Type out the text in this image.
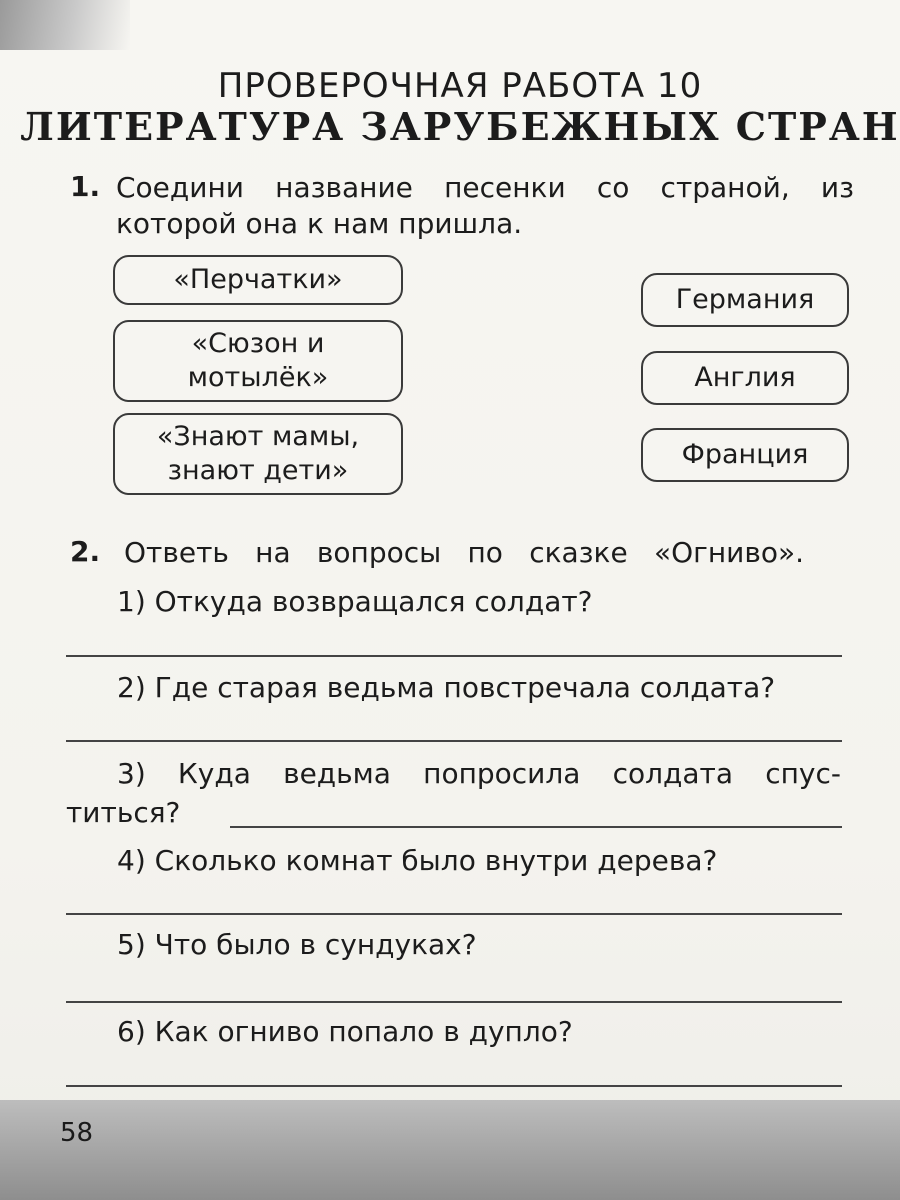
ПРОВЕРОЧНАЯ РАБОТА 10
ЛИТЕРАТУРА ЗАРУБЕЖНЫХ СТРАН
1. Соедини название песенки со страной, из
которой она к нам пришла.
«Перчатки»
«Сюзон и
мотылёк»
«Знают мамы,
знают дети»
Германия
Англия
Франция
2. Ответь на вопросы по сказке «Огниво».
1) Откуда возвращался солдат?
2) Где старая ведьма повстречала солдата?
3) Куда ведьма попросила солдата спус-
титься?
4) Сколько комнат было внутри дерева?
5) Что было в сундуках?
6) Как огниво попало в дупло?
58
